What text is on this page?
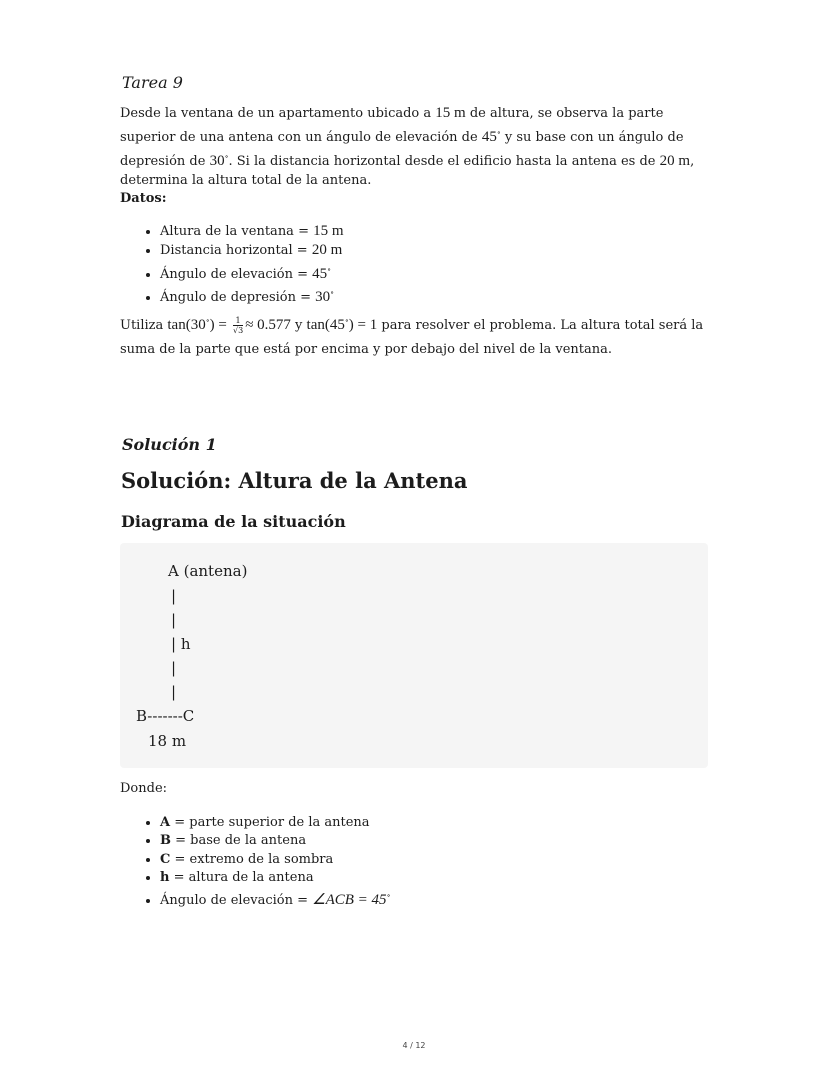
Tarea 9
Desde la ventana de un apartamento ubicado a 15 m de altura, se observa la parte superior de una antena con un ángulo de elevación de 45∘ y su base con un ángulo de depresión de 30∘. Si la distancia horizontal desde el edificio hasta la antena es de 20 m, determina la altura total de la antena.
Datos:
• Altura de la ventana = 15 m
• Distancia horizontal = 20 m
• Ángulo de elevación = 45∘
• Ángulo de depresión = 30∘
Utiliza $\tan(30^\circ) = \frac{1}{√3} \approx 0.577$ y tan(45∘) = 1 para resolver el problema. La altura total será la suma de la parte que está por encima y por debajo del nivel de la ventana.
Solución 1
Solución: Altura de la Antena
Diagrama de la situación
A (antena)
|
|
| h
|
|
B-------C
18 m
Donde:
• A = parte superior de la antena
• B = base de la antena
• C = extremo de la sombra
• h = altura de la antena
• Ángulo de elevación = ∠ACB = 45∘
4 / 12
